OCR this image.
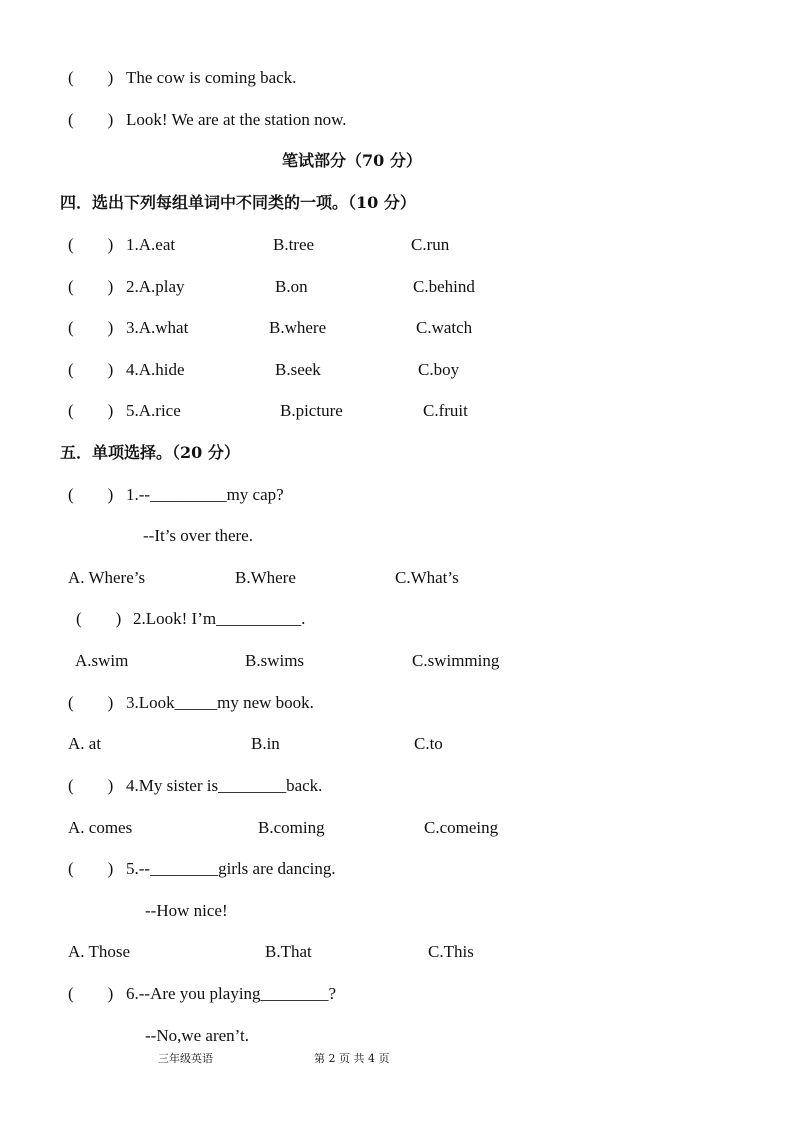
(　　) The cow is coming back.
(　　) Look! We are at the station now.
笔试部分（70 分）
四．选出下列每组单词中不同类的一项。（10 分）
(　　) 1.A.eat	B.tree	C.run
(　　) 2.A.play	B.on	C.behind
(　　) 3.A.what	B.where	C.watch
(　　) 4.A.hide	B.seek	C.boy
(　　) 5.A.rice	B.picture	C.fruit
五．单项选择。（20 分）
(　　) 1.--_________my cap?
--It’s over there.
A. Where’s	B.Where	C.What’s
(　　) 2.Look! I’m__________.
A.swim	B.swims	C.swimming
(　　) 3.Look_____my new book.
A. at	B.in	C.to
(　　) 4.My sister is________back.
A. comes	B.coming	C.comeing
(　　) 5.--________girls are dancing.
--How nice!
A. Those	B.That	C.This
(　　) 6.--Are you playing________?
--No,we aren’t.
三年级英语	第 2 页 共 4 页
